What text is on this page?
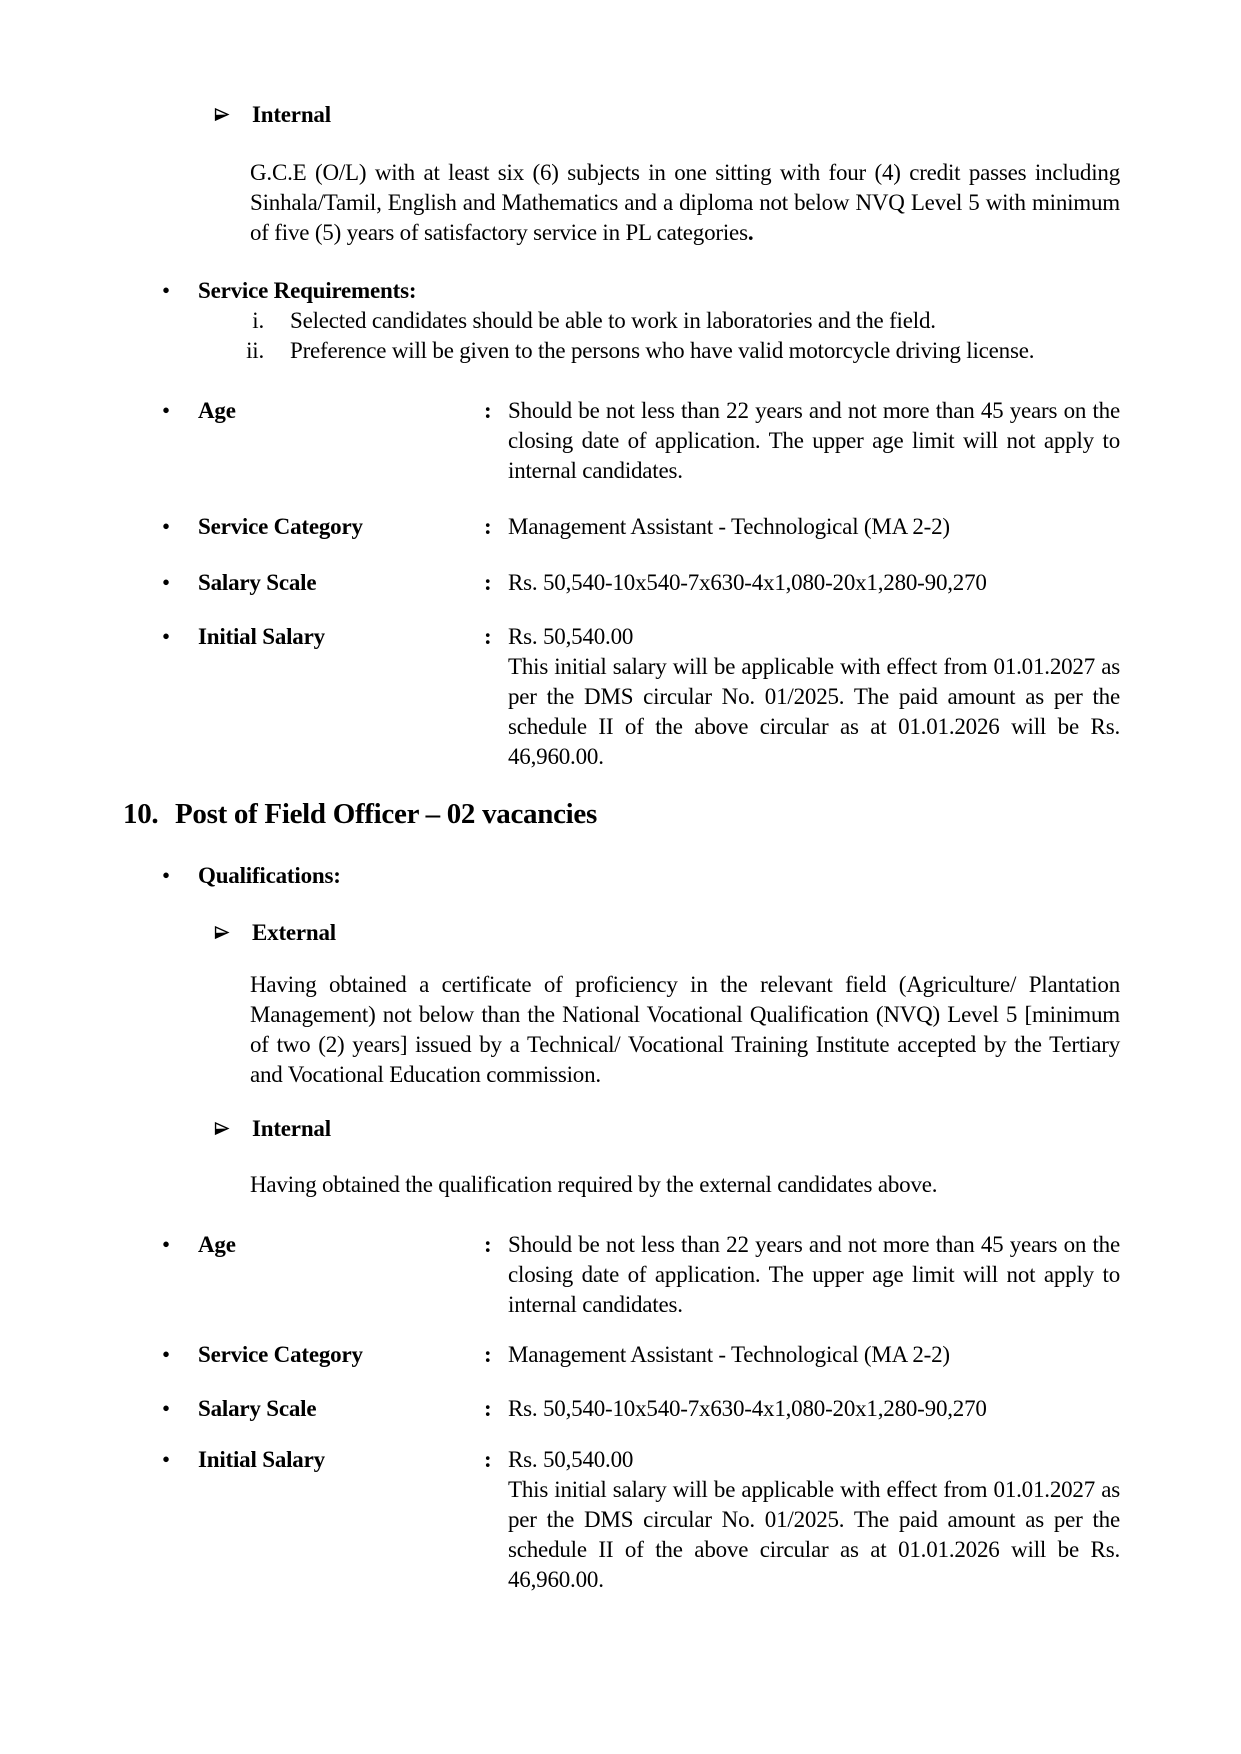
Internal
G.C.E (O/L) with at least six (6) subjects in one sitting with four (4) credit passes including Sinhala/Tamil, English and Mathematics and a diploma not below NVQ Level 5 with minimum of five (5) years of satisfactory service in PL categories.
•	Service Requirements:
i.	Selected candidates should be able to work in laboratories and the field.
ii.	Preference will be given to the persons who have valid motorcycle driving license.
•	Age	: Should be not less than 22 years and not more than 45 years on the closing date of application. The upper age limit will not apply to internal candidates.
•	Service Category	: Management Assistant - Technological (MA 2-2)
•	Salary Scale	: Rs. 50,540-10x540-7x630-4x1,080-20x1,280-90,270
•	Initial Salary	: Rs. 50,540.00
This initial salary will be applicable with effect from 01.01.2027 as per the DMS circular No. 01/2025. The paid amount as per the schedule II of the above circular as at 01.01.2026 will be Rs. 46,960.00.
10. Post of Field Officer – 02 vacancies
•	Qualifications:
External
Having obtained a certificate of proficiency in the relevant field (Agriculture/ Plantation Management) not below than the National Vocational Qualification (NVQ) Level 5 [minimum of two (2) years] issued by a Technical/ Vocational Training Institute accepted by the Tertiary and Vocational Education commission.
Internal
Having obtained the qualification required by the external candidates above.
•	Age	: Should be not less than 22 years and not more than 45 years on the closing date of application. The upper age limit will not apply to internal candidates.
•	Service Category	: Management Assistant - Technological (MA 2-2)
•	Salary Scale	: Rs. 50,540-10x540-7x630-4x1,080-20x1,280-90,270
•	Initial Salary	: Rs. 50,540.00
This initial salary will be applicable with effect from 01.01.2027 as per the DMS circular No. 01/2025. The paid amount as per the schedule II of the above circular as at 01.01.2026 will be Rs. 46,960.00.
